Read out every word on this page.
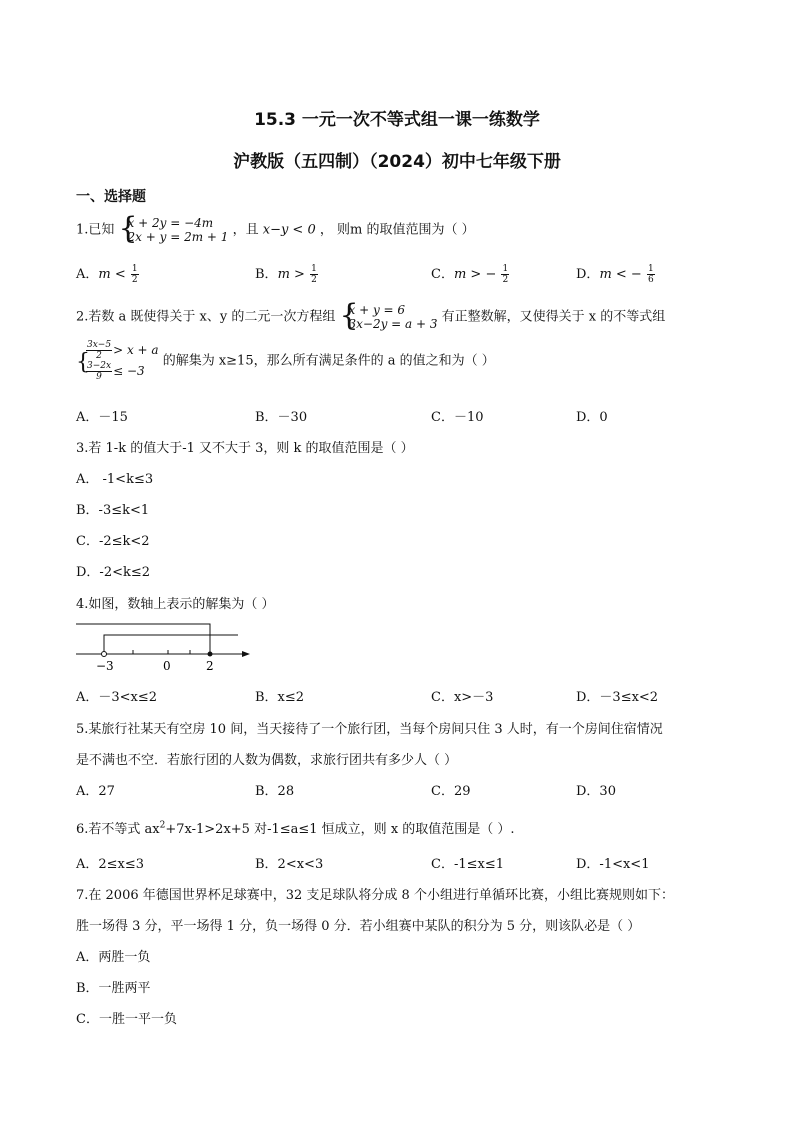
15.3 一元一次不等式组一课一练数学
沪教版（五四制）（2024）初中七年级下册
一、选择题
1.已知 {
x + 2y = −4m
2x + y = 2m + 1 ，且 x−y < 0 ， 则m 的取值范围为（ ）
A．$m < \frac{1}{2}$	B．$m > \frac{1}{2}$	C．m > − $\frac{1}{2}$	D．m < − $\frac{1}{6}$
2.若数 a 既使得关于 x、y 的二元一次方程组 {
x + y = 6
3x−2y = a + 3 有正整数解，又使得关于 x 的不等式组
{
$\frac{3x-5}{2} > x + a$
$\frac{3-2x}{9} \le -3$
的解集为 x≥15，那么所有满足条件的 a 的值之和为（ ）
A．－15	B．－30	C．－10	D．0
3.若 1-k 的值大于-1 又不大于 3，则 k 的取值范围是（ ）
A． -1<k≤3
B．-3≤k<1
C．-2≤k<2
D．-2<k≤2
4.如图，数轴上表示的解集为（ ）
−3	0	2
A．－3<x≤2	B．x≤2	C．x>－3	D．－3≤x<2
5.某旅行社某天有空房 10 间，当天接待了一个旅行团，当每个房间只住 3 人时，有一个房间住宿情况
是不满也不空．若旅行团的人数为偶数，求旅行团共有多少人（ ）
A．27	B．28	C．29	D．30
6.若不等式 $ax^2+7x-1>2x+5$ 对-1≤a≤1 恒成立，则 x 的取值范围是（ ）.
A．2≤x≤3	B．2<x<3	C．-1≤x≤1	D．-1<x<1
7.在 2006 年德国世界杯足球赛中，32 支足球队将分成 8 个小组进行单循环比赛，小组比赛规则如下：
胜一场得 3 分，平一场得 1 分，负一场得 0 分．若小组赛中某队的积分为 5 分，则该队必是（ ）
A．两胜一负
B．一胜两平
C．一胜一平一负
